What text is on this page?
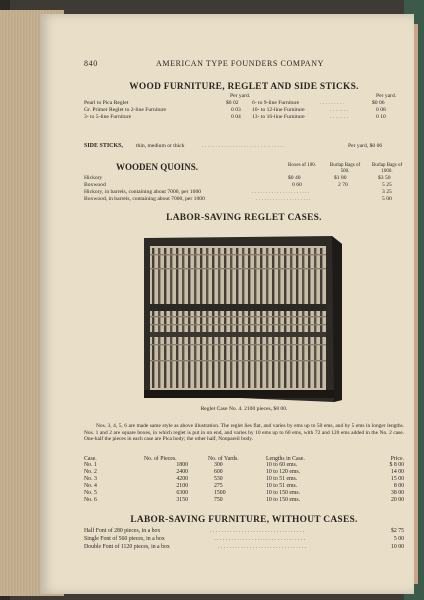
840	AMERICAN TYPE FOUNDERS COMPANY
WOOD FURNITURE, REGLET AND SIDE STICKS.
Per yard.	Per yard.
Pearl to Pica Reglet	$0 02
Gr. Primer Reglet to 2-line Furniture	0 03
3- to 5-line Furniture	0 04
6- to 9-line Furniture	. . . . . . . . .	$0 06
10- to 12-line Furniture	. . . . . . .	0 08
13- to 16-line Furniture	. . . . . . .	0 10
SIDE STICKS, thin, medium or thick	. . . . . . . . . . . . . . . . . . . . . . . . . . . . . .	Per yard, $0 06
WOODEN QUOINS.	Boxes of 100.	Burlap Bags of 500.
Burlap Bags of 1000.
Hickory	$0 40	$1 80	$3 50
Boxwood	0 60	2 70	5 25
Hickory, in barrels, containing about 7000, per 1000	. . . . . . . . . . . . . . . . . . . . .	3 25
Boxwood, in barrels, containing about 7000, per 1000	. . . . . . . . . . . . . . . . . . . .	5 00
LABOR-SAVING REGLET CASES.
Reglet Case No. 4. 2100 pieces, $8 00.
Nos. 3, 4, 5, 6 are made same style as above illustration. The reglet lies flat, and varies by ems up to 50 ems, and by 5 ems in longer lengths. Nos. 1 and 2 are square boxes, in which reglet is put in on end, and varies by 10 ems up to 60 ems, with 72 and 120 ems added in the No. 2 case. One-half the pieces in each case are Pica body; the other half, Nonpareil body.
Case.	No. of Pieces.	No. of Yards.	Lengths in Case.	Price.
No. 1	1800	300	10 to 60 ems.	$ 8 00
No. 2	2400	600	10 to 120 ems.	14 00
No. 3	4200	530	10 to 51 ems.	15 00
No. 4	2100	275	10 to 51 ems.	8 00
No. 5	6300	1500	10 to 150 ems.	38 00
No. 6	3150	750	10 to 150 ems.	20 00
LABOR-SAVING FURNITURE, WITHOUT CASES.
Half Font of 280 pieces, in a box	. . . . . . . . . . . . . . . . . . . . . . . . . . . . . . . . .	$2 75
Single Font of 560 pieces, in a box	. . . . . . . . . . . . . . . . . . . . . . . . . . . . . . . .	5 00
Double Font of 1120 pieces, in a box	. . . . . . . . . . . . . . . . . . . . . . . . . . . . . . .	10 00
